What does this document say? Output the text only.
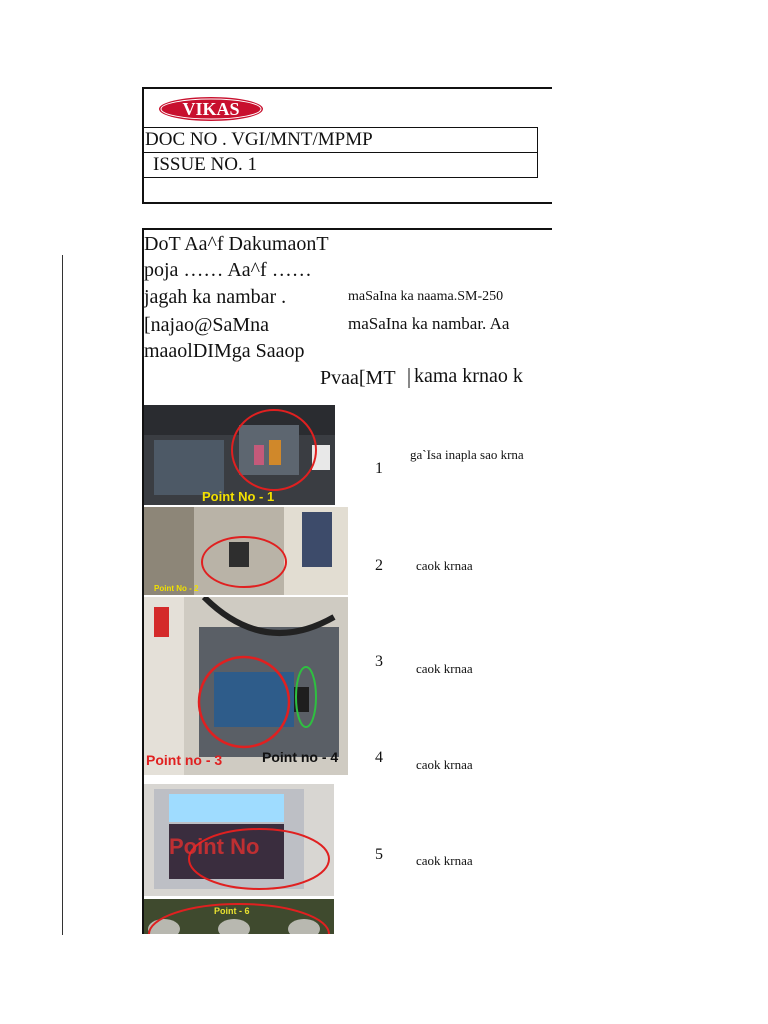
DOC NO . VGI/MNT/MPMP
ISSUE NO. 1
VIKAS
DoT Aa^f DakumaonT
poja …… Aa^f ……
jagah ka nambar .
[najao@SaMna
maaolDIMga Saaop
maSaIna ka naama.SM-250
maSaIna ka nambar. Aa
Pvaa[MT kama krnao k
Point No - 1
Point No - 2
Point no - 3	Point no - 4
Point No
Point - 6
1
2
3
4
5
ga`Isa inapla sao krna
caok krnaa
caok krnaa
caok krnaa
caok krnaa
